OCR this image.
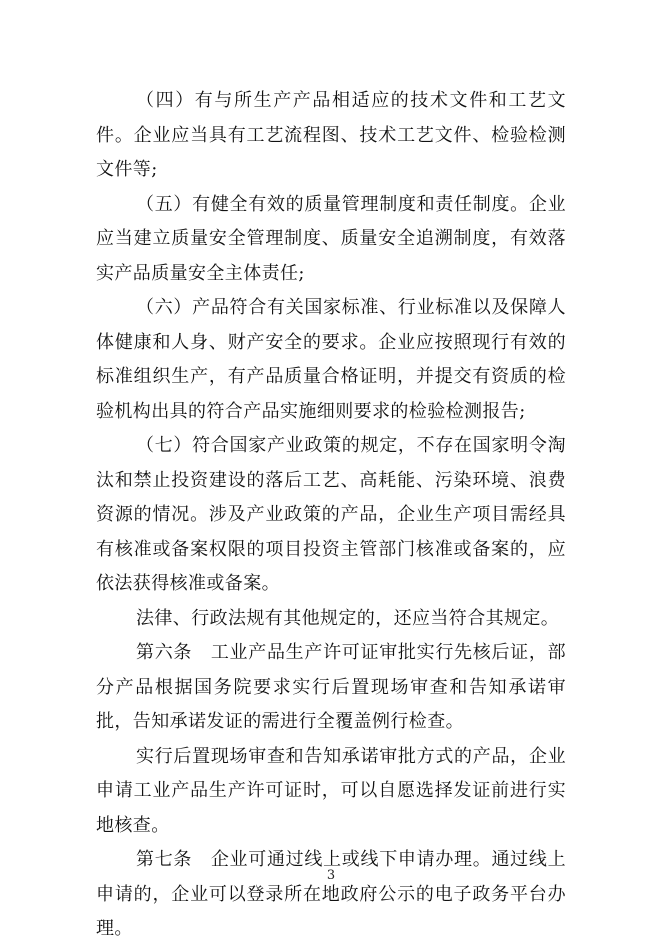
（四）有与所生产产品相适应的技术文件和工艺文件。企业应当具有工艺流程图、技术工艺文件、检验检测文件等;

（五）有健全有效的质量管理制度和责任制度。企业应当建立质量安全管理制度、质量安全追溯制度，有效落实产品质量安全主体责任;

（六）产品符合有关国家标准、行业标准以及保障人体健康和人身、财产安全的要求。企业应按照现行有效的标准组织生产，有产品质量合格证明，并提交有资质的检验机构出具的符合产品实施细则要求的检验检测报告;

（七）符合国家产业政策的规定，不存在国家明令淘汰和禁止投资建设的落后工艺、高耗能、污染环境、浪费资源的情况。涉及产业政策的产品，企业生产项目需经具有核准或备案权限的项目投资主管部门核准或备案的，应依法获得核准或备案。

法律、行政法规有其他规定的，还应当符合其规定。

第六条　工业产品生产许可证审批实行先核后证，部分产品根据国务院要求实行后置现场审查和告知承诺审批，告知承诺发证的需进行全覆盖例行检查。

实行后置现场审查和告知承诺审批方式的产品，企业申请工业产品生产许可证时，可以自愿选择发证前进行实地核查。

第七条　企业可通过线上或线下申请办理。通过线上申请的，企业可以登录所在地政府公示的电子政务平台办理。

3
